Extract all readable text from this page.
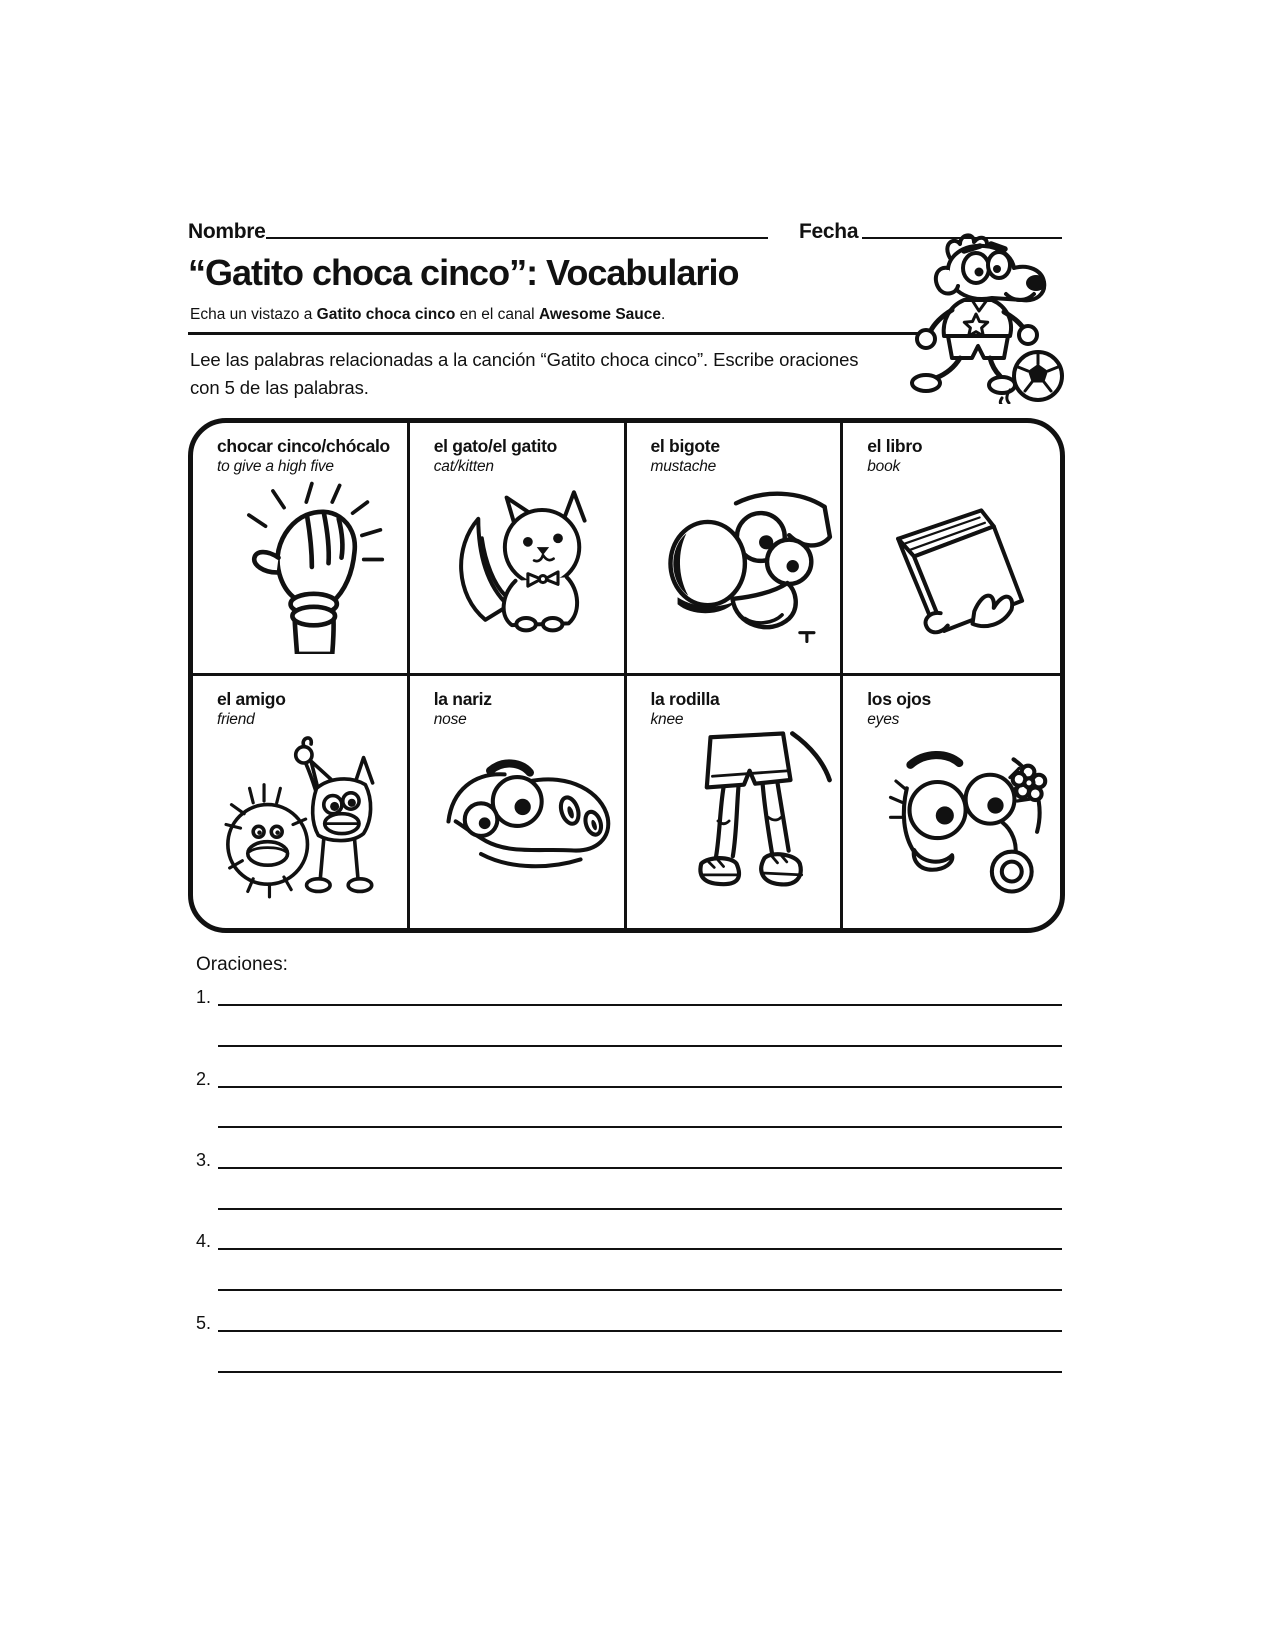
Nombre	Fecha
“Gatito choca cinco”: Vocabulario
Echa un vistazo a Gatito choca cinco en el canal Awesome Sauce.
Lee las palabras relacionadas a la canción “Gatito choca cinco”. Escribe oraciones con 5 de las palabras.
chocar cinco/chócalo
to give a high five
el gato/el gatito
cat/kitten
el bigote
mustache
el libro
book
el amigo
friend
la nariz
nose
la rodilla
knee
los ojos
eyes
Oraciones:
1.
2.
3.
4.
5.
